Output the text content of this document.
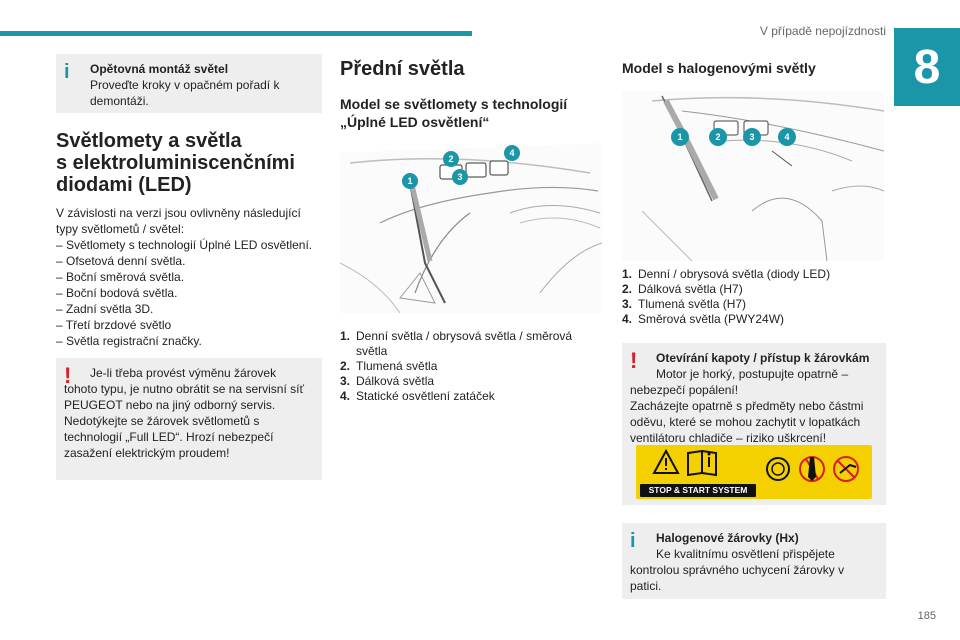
V případě nepojízdnosti
8
185
i	Opětovná montáž světel
Proveďte kroky v opačném pořadí k demontáži.
Světlomety a světla
s elektroluminiscenčními
diodami (LED)

V závislosti na verzi jsou ovlivněny následující typy světlometů / světel:

– Světlomety s technologií Úplné LED osvětlení.

– Ofsetová denní světla.

– Boční směrová světla.

– Boční bodová světla.

– Zadní světla 3D.

– Třetí brzdové světlo

– Světla registrační značky.

!	Je-li třeba provést výměnu žárovek
tohoto typu, je nutno obrátit se na servisní síť PEUGEOT nebo na jiný odborný servis.
Nedotýkejte se žárovek světlometů s technologií „Full LED“. Hrozí nebezpečí zasažení elektrickým proudem!
Přední světla
Model se světlomety s technologií
„Úplné LED osvětlení“
1
2
3
4
1. Denní světla / obrysová světla / směrová světla
2. Tlumená světla
3. Dálková světla
4. Statické osvětlení zatáček
Model s halogenovými světly
1	2	3	4
1. Denní / obrysová světla (diody LED)
2. Dálková světla (H7)
3. Tlumená světla (H7)
4. Směrová světla (PWY24W)
!	Otevírání kapoty / přístup k žárovkám
Motor je horký, postupujte opatrně – nebezpečí popálení!
Zacházejte opatrně s předměty nebo částmi oděvu, které se mohou zachytit v lopatkách ventilátoru chladiče – riziko uškrcení!
STOP & START SYSTEM
i	Halogenové žárovky (Hx)
Ke kvalitnímu osvětlení přispějete kontrolou správného uchycení žárovky v patici.
